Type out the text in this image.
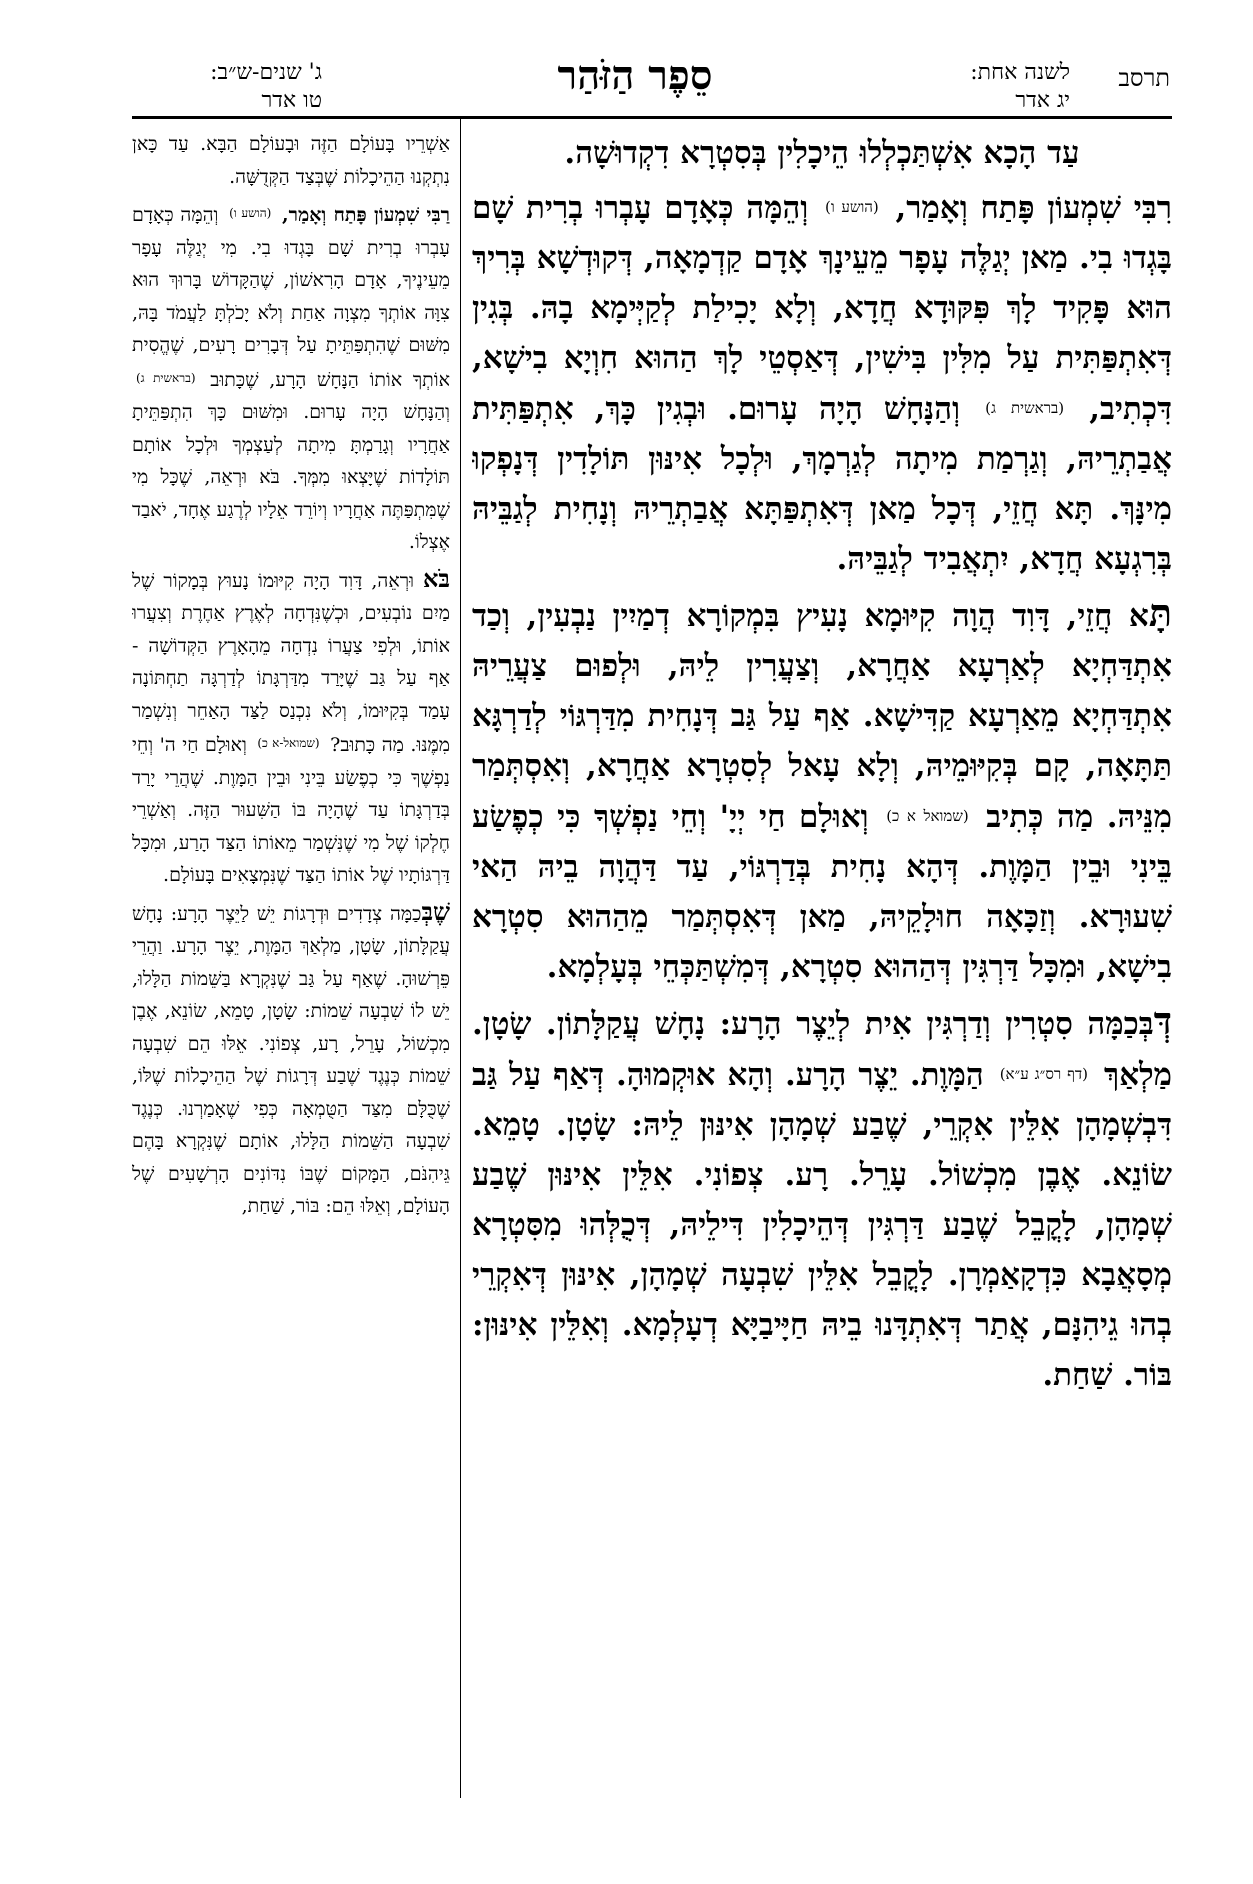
ג' שנים-ש״ב:
טו אדר
סֵפֶר הַזֹּהַר	לשנה אחת:
יג אדר
תרסב

עַד הָכָא אִשְׁתַּכְלְלוּ הֵיכָלִין בְּסִטְרָא דִקְדוּשָׁה.

רִבִּי שִׁמְעוֹן פָּתַח וְאָמַר, (הושע ו) וְהֵמָּה כְּאָדָם עָבְרוּ בְרִית שָׁם בָּגְדוּ בִי. מַאן יְגַלֶּה עָפָר מֵעֵינָךְ אָדָם קַדְמָאָה, דְּקוּדְשָׁא בְּרִיךְ הוּא פָּקִיד לָךְ פִּקּוּדָא חֲדָא, וְלָא יָכִילַת לְקַיְּימָא בָהּ. בְּגִין דְּאִתְפַּתִּית עַל מִלִּין בִּישִׁין, דְּאַסְטֵי לָךְ הַהוּא חִוְיָא בִישָׁא, דִּכְתִיב, (בראשית ג) וְהַנָּחָשׁ הָיָה עָרוּם. וּבְגִין כָּךְ, אִתְפַּתִּית אֲבַתְרֵיהּ, וְגַרְמַת מִיתָה לְגַרְמָךְ, וּלְכָל אִינּוּן תּוֹלָדִין דְּנָפְקוּ מִינָּךְ. תָּא חֲזֵי, דְּכָל מַאן דְּאִתְפַּתָּא אֲבַתְרֵיהּ וְנָחִית לְגַבֵּיהּ בְּרִגְעָא חֲדָא, יִתְאֲבִיד לְגַבֵּיהּ.

תָּא חֲזֵי, דָּוִד הֲוָה קִיּוּמָא נָעִיץ בִּמְקוֹרָא דְמַיִין נַבְעִין, וְכַד אִתְדַּחְיָא לְאַרְעָא אַחֲרָא, וְצַעֲרִין לֵיהּ, וּלְפוּם צַעֲרֵיהּ אִתְדַּחְיָא מֵאַרְעָא קַדִּישָׁא. אַף עַל גַּב דְּנָחִית מִדַּרְגּוֹי לְדַרְגָּא תַּתָּאָה, קָם בְּקִיּוּמֵיהּ, וְלָא עָאל לְסִטְרָא אַחֲרָא, וְאִסְתְּמַר מִנֵּיהּ. מַה כְּתִיב (שמואל א כ) וְאוּלָם חַי יְיָ' וְחֵי נַפְשְׁךָ כִּי כְפֶשַׂע בֵּינִי וּבֵין הַמָּוֶת. דְּהָא נָחִית בְּדַרְגּוֹי, עַד דַּהֲוָה בֵיהּ הַאי שִׁעוּרָא. וְזַכָּאָה חוּלָקֵיהּ, מַאן דְּאִסְתְּמַר מֵהַהוּא סִטְרָא בִישָׁא, וּמִכָּל דַּרְגִּין דְּהַהוּא סִטְרָא, דְּמִשְׁתַּכְּחֵי בְּעָלְמָא.

דְּבְּכַמָּה סִטְרִין וְדַרְגִּין אִית לְיֵצֶר הָרָע: נָחָשׁ עֲקַלָּתוֹן. שָׂטָן. מַלְאַךְ (דף רס״ג ע״א) הַמָּוֶת. יֵצֶר הָרָע. וְהָא אוּקְמוּהָ. דְּאַף עַל גַּב דִּבְשְׁמָהָן אִלֵּין אִקְרֵי, שֶׁבַע שְׁמָהָן אִינּוּן לֵיהּ: שָׂטָן. טָמֵא. שׂוֹנֵא. אֶבֶן מִכְשׁוֹל. עָרֵל. רָע. צְפוֹנִי. אִלֵּין אִינּוּן שֶׁבַע שְׁמָהָן, לָקֳבֵל שֶׁבַע דַּרְגִּין דְּהֵיכָלִין דִּילֵיהּ, דְּכֻלְּהוּ מִסִּטְרָא מְסָאֲבָא כִּדְקָאַמְרָן. לָקֳבֵל אִלֵּין שִׁבְעָה שְׁמָהָן, אִינּוּן דְּאִקְרֵי בְהוּ גֵיהִנָּם, אֲתַר דְּאִתְדָּנוּ בֵיהּ חַיָּיבַיָּא דְעָלְמָא. וְאִלֵּין אִינּוּן: בּוֹר. שַׁחַת.

אַשְׁרֵיו בָּעוֹלָם הַזֶּה וּבָעוֹלָם הַבָּא. עַד כָּאן נִתְקְנוּ הַהֵיכָלוֹת שֶׁבְּצַד הַקְּדֻשָּׁה.

רַבִּי שִׁמְעוֹן פָּתַח וְאָמַר, $^{(הושע ו)}$ וְהֵמָּה כְּאָדָם עָבְרוּ בְרִית שָׁם בָּגְדוּ בִי. מִי יְגַלֶּה עָפָר מֵעֵינֶיךָ, אָדָם הָרִאשׁוֹן, שֶׁהַקָּדוֹשׁ בָּרוּךְ הוּא צִוָּה אוֹתְךָ מִצְוָה אַחַת וְלֹא יָכֹלְתָּ לַעֲמֹד בָּהּ, מִשּׁוּם שֶׁהִתְפַּתֵּיתָ עַל דְּבָרִים רָעִים, שֶׁהֱסִית אוֹתְךָ אוֹתוֹ הַנָּחָשׁ הָרָע, שֶׁכָּתוּב $^{(בראשית ג)}$ וְהַנָּחָשׁ הָיָה עָרוּם. וּמִשּׁוּם כָּךְ הִתְפַּתֵּיתָ אַחֲרָיו וְגָרַמְתָּ מִיתָה לְעַצְמְךָ וּלְכָל אוֹתָם תּוֹלָדוֹת שֶׁיָּצְאוּ מִמְּךָ. בֹּא וּרְאֵה, שֶׁכָּל מִי שֶׁמִּתְפַּתֶּה אַחֲרָיו וְיוֹרֵד אֵלָיו לְרֶגַע אֶחָד, יֹאבַד אֶצְלוֹ.

בֹּא וּרְאֵה, דָּוִד הָיָה קִיּוּמוֹ נָעוּץ בְּמָקוֹר שֶׁל מַיִם נוֹבְעִים, וּכְשֶׁנִּדְחָה לְאֶרֶץ אַחֶרֶת וְצִעֲרוּ אוֹתוֹ, וּלְפִי צַעֲרוֹ נִדְחָה מֵהָאָרֶץ הַקְּדוֹשָׁה - אַף עַל גַּב שֶׁיָּרַד מִדַּרְגָּתוֹ לְדַרְגָּה תַחְתּוֹנָה עָמַד בְּקִיּוּמוֹ, וְלֹא נִכְנַס לַצַּד הָאַחֵר וְנִשְׁמַר מִמֶּנּוּ. מַה כָּתוּב? $^{(שמואל-א כ)}$ וְאוּלָם חַי ה' וְחֵי נַפְשֶׁךָ כִּי כְפֶשַׂע בֵּינִי וּבֵין הַמָּוֶת. שֶׁהֲרֵי יָרַד בְּדַרְגָּתוֹ עַד שֶׁהָיָה בּוֹ הַשִּׁעוּר הַזֶּה. וְאַשְׁרֵי חֶלְקוֹ שֶׁל מִי שֶׁנִּשְׁמַר מֵאוֹתוֹ הַצַּד הָרַע, וּמִכָּל דַּרְגּוֹתָיו שֶׁל אוֹתוֹ הַצַּד שֶׁנִּמְצָאִים בָּעוֹלָם.

שֶׁבְּכַמָּה צְדָדִים וּדְרָגוֹת יֵשׁ לַיֵּצֶר הָרָע: נָחָשׁ עֲקַלָּתוֹן, שָׂטָן, מַלְאַךְ הַמָּוֶת, יֵצֶר הָרָע. וַהֲרֵי פֵּרְשׁוּהָ. שֶׁאַף עַל גַּב שֶׁנִּקְרָא בַּשֵּׁמוֹת הַלָּלוּ, יֵשׁ לוֹ שִׁבְעָה שֵׁמוֹת: שָׂטָן, טָמֵא, שׂוֹנֵא, אֶבֶן מִכְשׁוֹל, עָרֵל, רָע, צְפוֹנִי. אֵלּוּ הֵם שִׁבְעָה שֵׁמוֹת כְּנֶגֶד שֶׁבַע דְּרָגוֹת שֶׁל הַהֵיכָלוֹת שֶׁלּוֹ, שֶׁכֻּלָּם מִצַּד הַטֻּמְאָה כְּפִי שֶׁאָמַרְנוּ. כְּנֶגֶד שִׁבְעָה הַשֵּׁמוֹת הַלָּלוּ, אוֹתָם שֶׁנִּקְרָא בָּהֶם גֵּיהִנֹּם, הַמָּקוֹם שֶׁבּוֹ נִדּוֹנִים הָרְשָׁעִים שֶׁל הָעוֹלָם, וְאֵלּוּ הֵם: בּוֹר, שַׁחַת,
